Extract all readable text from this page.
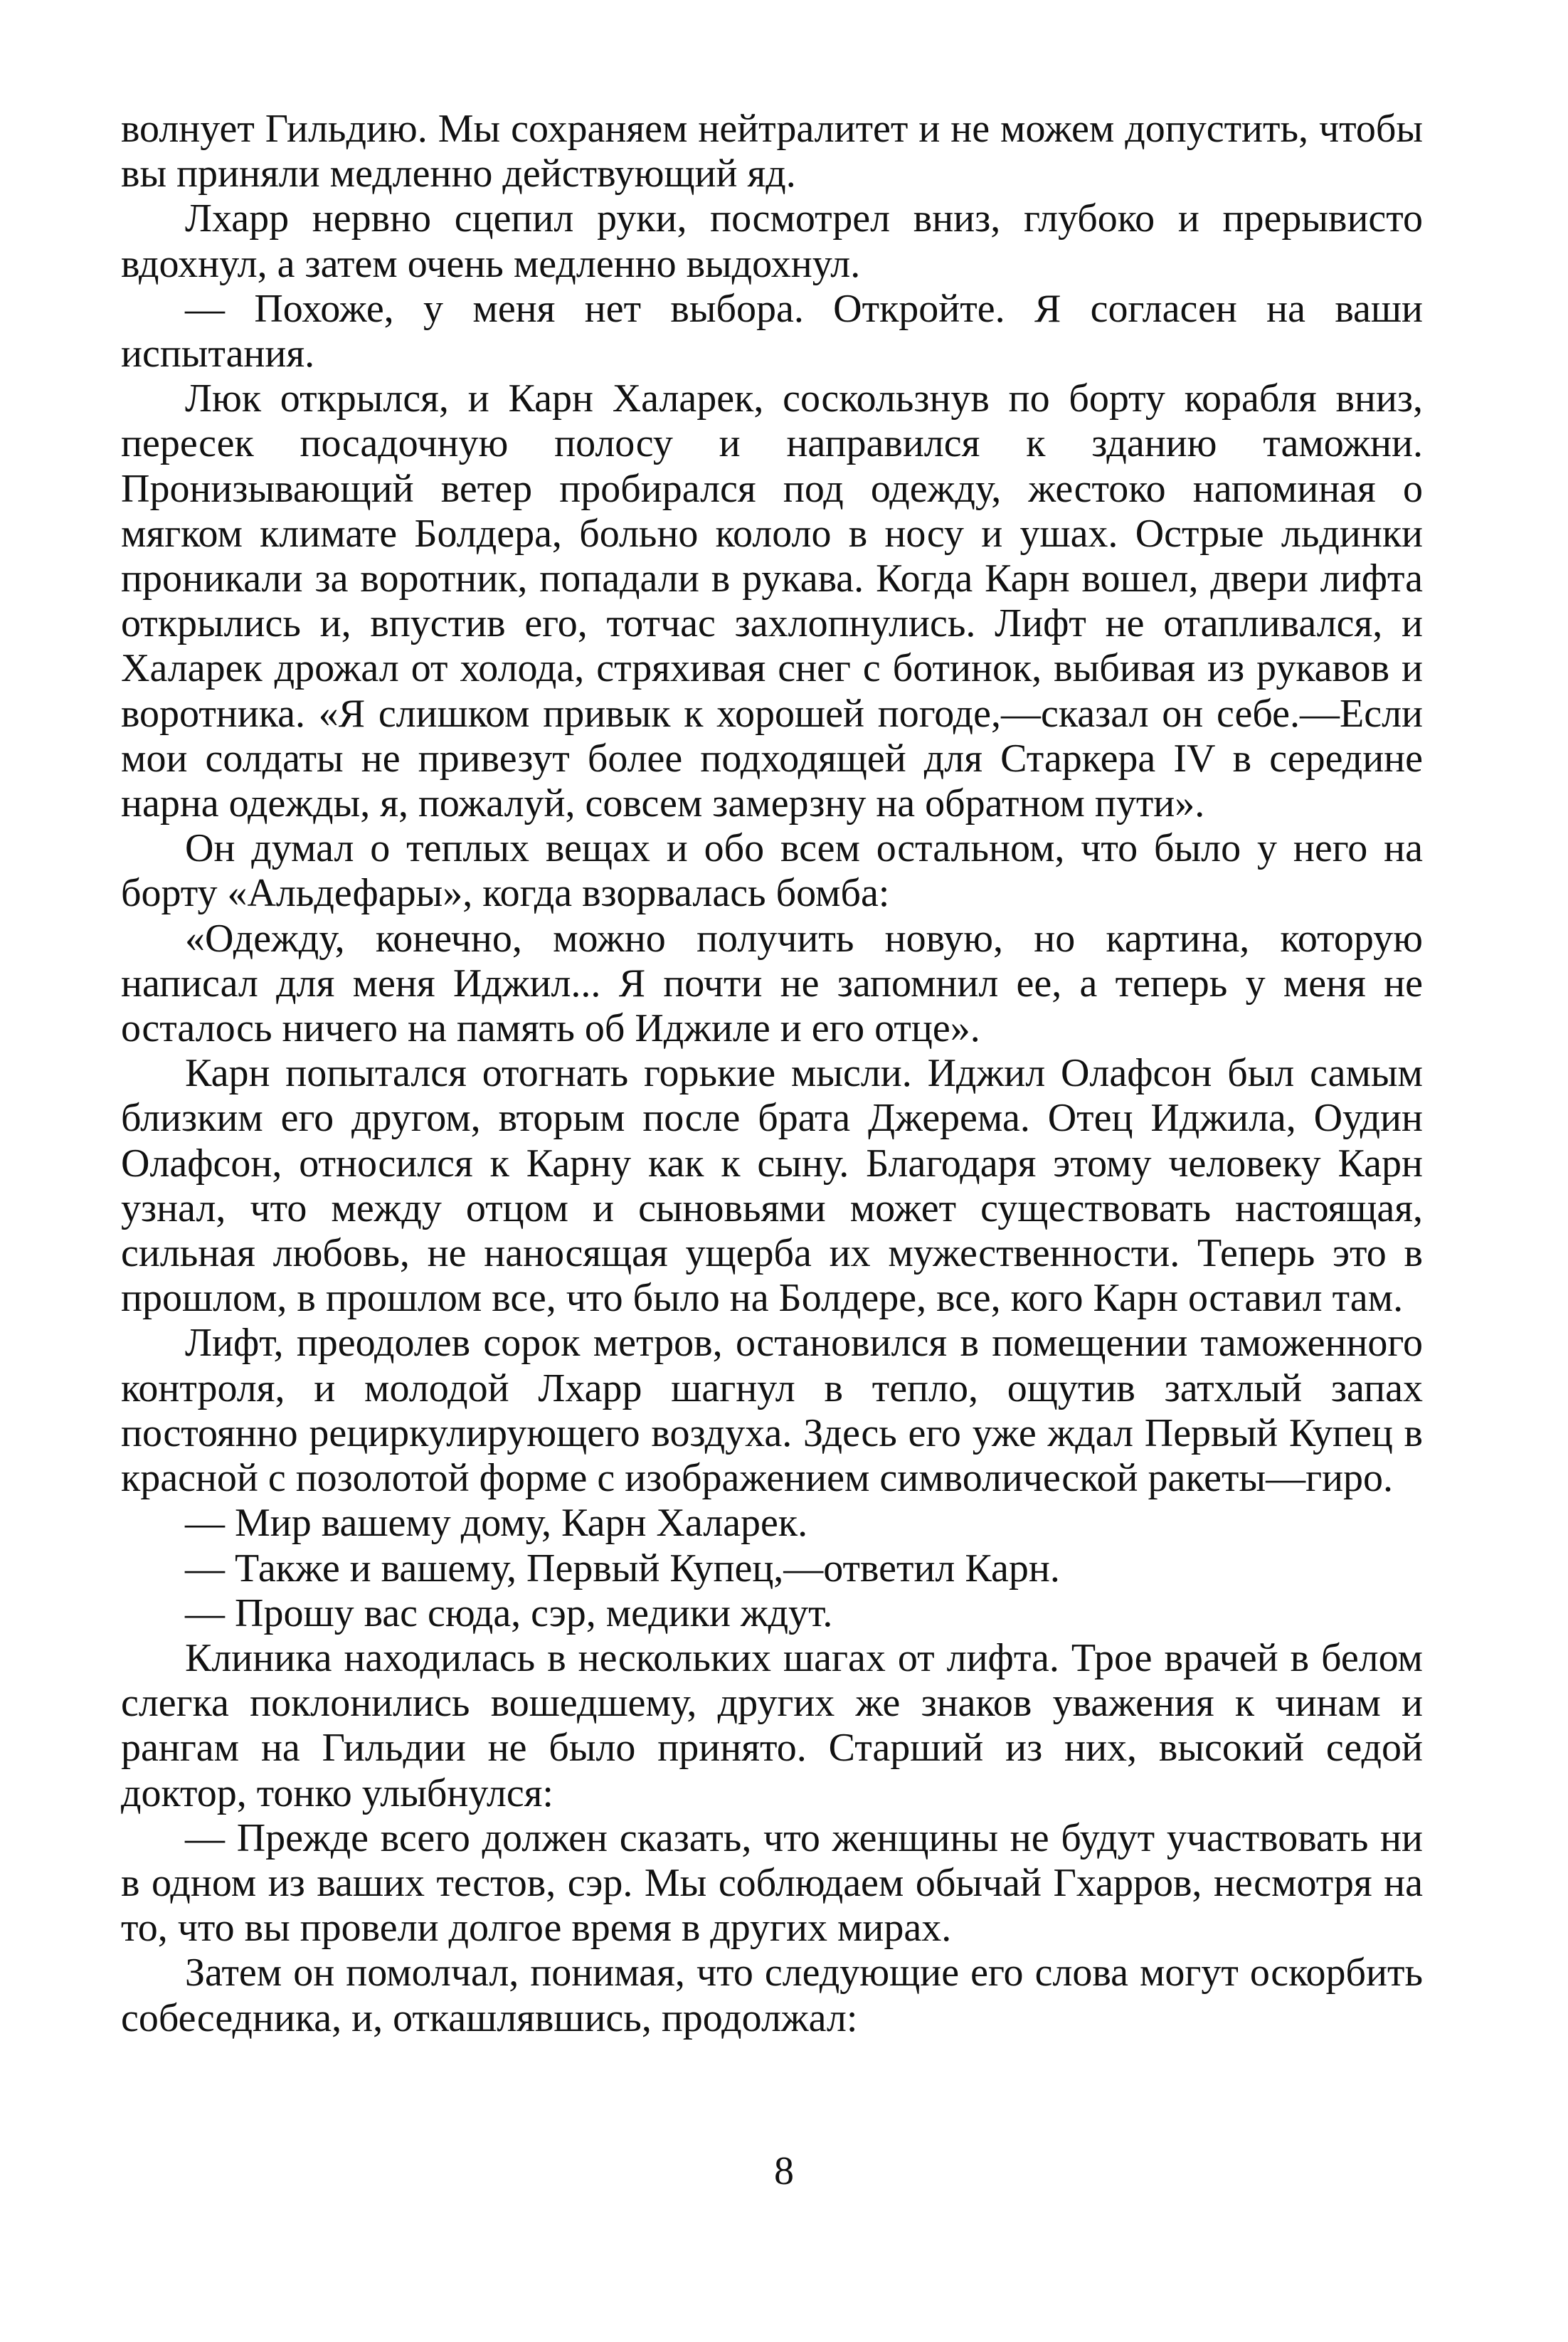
волнует Гильдию. Мы сохраняем нейтралитет и не можем допустить, чтобы вы приняли медленно действующий яд.

Лхарр нервно сцепил руки, посмотрел вниз, глубоко и прерывисто вдохнул, а затем очень медленно выдохнул.

— Похоже, у меня нет выбора. Откройте. Я согласен на ваши испытания.

Люк открылся, и Карн Халарек, соскользнув по борту корабля вниз, пересек посадочную полосу и направился к зданию таможни. Пронизывающий ветер пробирался под одежду, жестоко напоминая о мягком климате Болдера, больно кололо в носу и ушах. Острые льдинки проникали за воротник, попадали в рукава. Когда Карн вошел, двери лифта открылись и, впустив его, тотчас захлопнулись. Лифт не отапливался, и Халарек дрожал от холода, стряхивая снег с ботинок, выбивая из рукавов и воротника. «Я слишком привык к хорошей погоде,—сказал он себе.—Если мои солдаты не привезут более подходящей для Старкера IV в середине нарна одежды, я, пожалуй, совсем замерзну на обратном пути».

Он думал о теплых вещах и обо всем остальном, что было у него на борту «Альдефары», когда взорвалась бомба:

«Одежду, конечно, можно получить новую, но картина, которую написал для меня Иджил... Я почти не запомнил ее, а теперь у меня не осталось ничего на память об Иджиле и его отце».

Карн попытался отогнать горькие мысли. Иджил Олафсон был самым близким его другом, вторым после брата Джерема. Отец Иджила, Оудин Олафсон, относился к Карну как к сыну. Благодаря этому человеку Карн узнал, что между отцом и сыновьями может существовать настоящая, сильная любовь, не наносящая ущерба их мужественности. Теперь это в прошлом, в прошлом все, что было на Болдере, все, кого Карн оставил там.

Лифт, преодолев сорок метров, остановился в помещении таможенного контроля, и молодой Лхарр шагнул в тепло, ощутив затхлый запах постоянно рециркулирующего воздуха. Здесь его уже ждал Первый Купец в красной с позолотой форме с изображением символической ракеты—гиро.

— Мир вашему дому, Карн Халарек.

— Также и вашему, Первый Купец,—ответил Карн.

— Прошу вас сюда, сэр, медики ждут.

Клиника находилась в нескольких шагах от лифта. Трое врачей в белом слегка поклонились вошедшему, других же знаков уважения к чинам и рангам на Гильдии не было принято. Старший из них, высокий седой доктор, тонко улыбнулся:

— Прежде всего должен сказать, что женщины не будут участвовать ни в одном из ваших тестов, сэр. Мы соблюдаем обычай Гхарров, несмотря на то, что вы провели долгое время в других мирах.

Затем он помолчал, понимая, что следующие его слова могут оскорбить собеседника, и, откашлявшись, продолжал:

8
